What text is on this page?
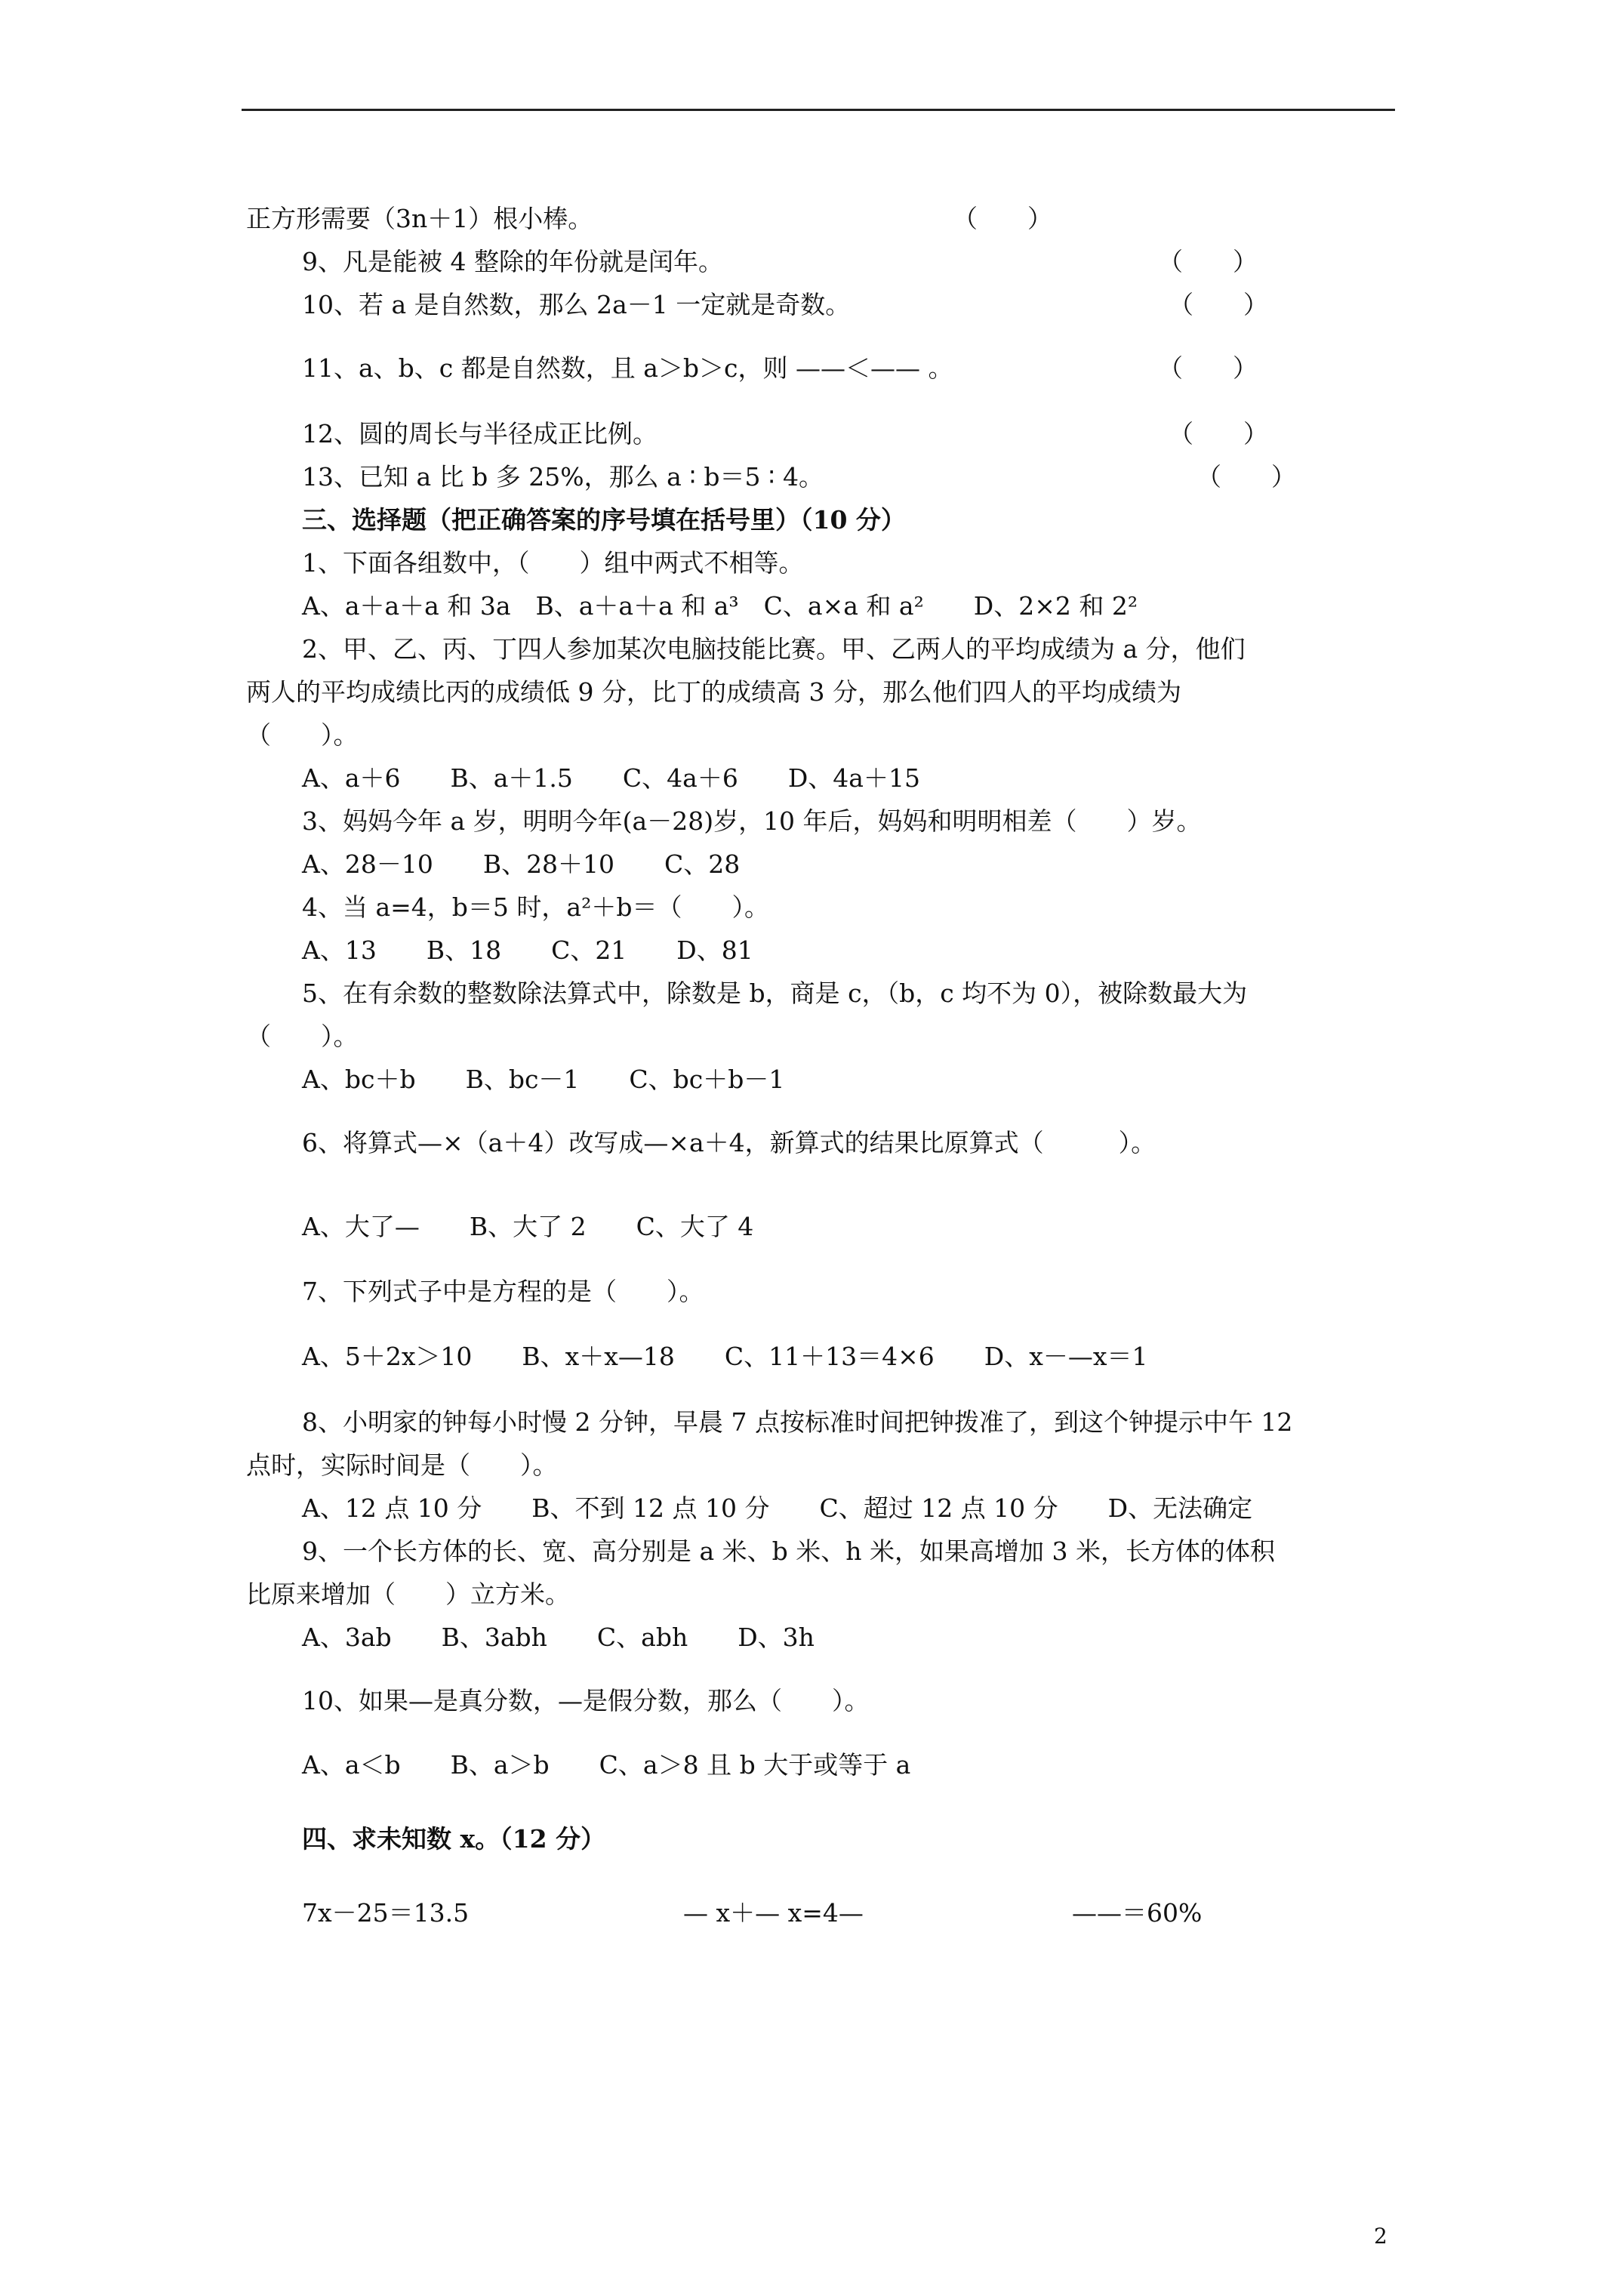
正方形需要（3n＋1）根小棒。
9、凡是能被 4 整除的年份就是闰年。
10、若 a 是自然数，那么 2a－1 一定就是奇数。
11、a、b、c 都是自然数，且 a＞b＞c，则 ——＜—— 。
12、圆的周长与半径成正比例。
13、已知 a 比 b 多 25%，那么 a ∶ b＝5 ∶ 4。
三、选择题（把正确答案的序号填在括号里）（10 分）
1、下面各组数中，（　　）组中两式不相等。
A、a＋a＋a 和 3a　B、a＋a＋a 和 a³　C、a×a 和 a²　　D、2×2 和 2²
2、甲、乙、丙、丁四人参加某次电脑技能比赛。甲、乙两人的平均成绩为 a 分，他们
两人的平均成绩比丙的成绩低 9 分，比丁的成绩高 3 分，那么他们四人的平均成绩为
（　　）。
A、a＋6　　B、a＋1.5　　C、4a＋6　　D、4a＋15
3、妈妈今年 a 岁，明明今年(a－28)岁，10 年后，妈妈和明明相差（　　）岁。
A、28－10　　B、28＋10　　C、28
4、当 a=4，b＝5 时，a²＋b＝（　　）。
A、13　　B、18　　C、21　　D、81
5、在有余数的整数除法算式中，除数是 b，商是 c，（b，c 均不为 0），被除数最大为
（　　）。
A、bc＋b　　B、bc－1　　C、bc＋b－1
6、将算式—×（a＋4）改写成—×a＋4，新算式的结果比原算式（　　　）。
A、大了—　　B、大了 2　　C、大了 4
7、下列式子中是方程的是（　　）。
A、5＋2x＞10　　B、x＋x—18　　C、11＋13＝4×6　　D、x－—x＝1
8、小明家的钟每小时慢 2 分钟，早晨 7 点按标准时间把钟拨准了，到这个钟提示中午 12
点时，实际时间是（　　）。
A、12 点 10 分　　B、不到 12 点 10 分　　C、超过 12 点 10 分　　D、无法确定
9、一个长方体的长、宽、高分别是 a 米、b 米、h 米，如果高增加 3 米，长方体的体积
比原来增加（　　）立方米。
A、3ab　　B、3abh　　C、abh　　D、3h
10、如果—是真分数，—是假分数，那么（　　）。
A、a＜b　　B、a＞b　　C、a＞8 且 b 大于或等于 a
四、求未知数 x。（12 分）
（　　）
（　　）
（　　）
（　　）
（　　）
（　　）
7x－25＝13.5	— x＋— x=4—	——＝60%
2
